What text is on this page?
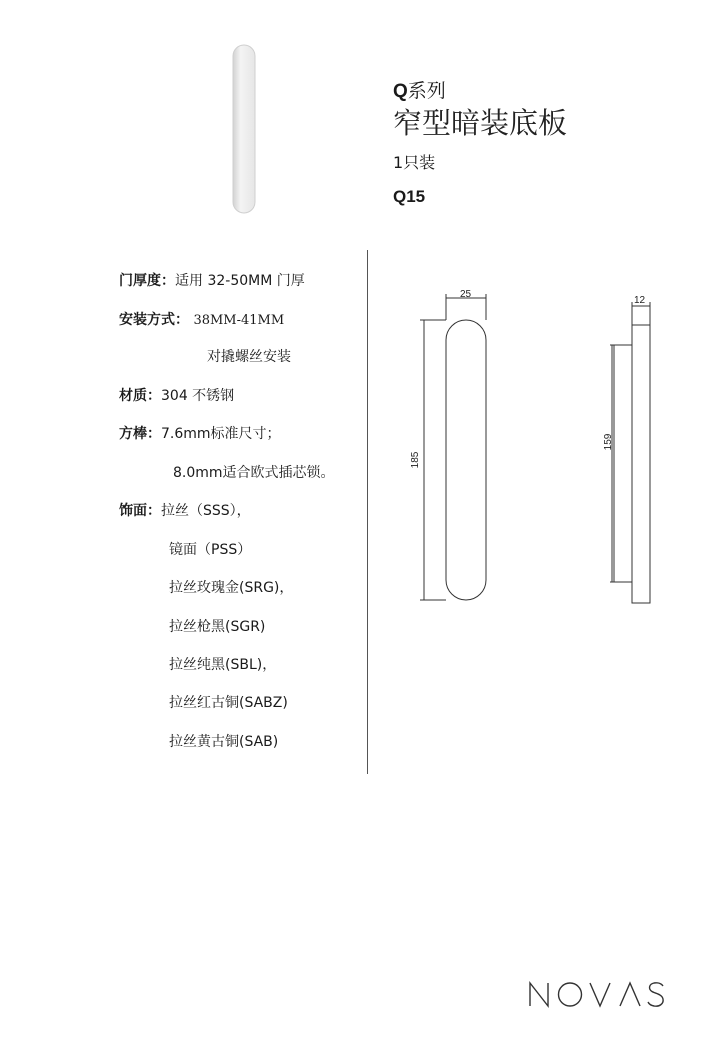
Q系列
窄型暗装底板
1只装
Q15
门厚度：适用 32-50MM 门厚
安装方式： 38MM-41MM
对撬螺丝安装
材质：304 不锈钢
方棒：7.6mm标准尺寸；
8.0mm适合欧式插芯锁。
饰面：拉丝（SSS），
镜面（PSS）
拉丝玫瑰金(SRG)，
拉丝枪黑(SGR)
拉丝纯黑(SBL)，
拉丝红古铜(SABZ)
拉丝黄古铜(SAB)
25
185
12
159
